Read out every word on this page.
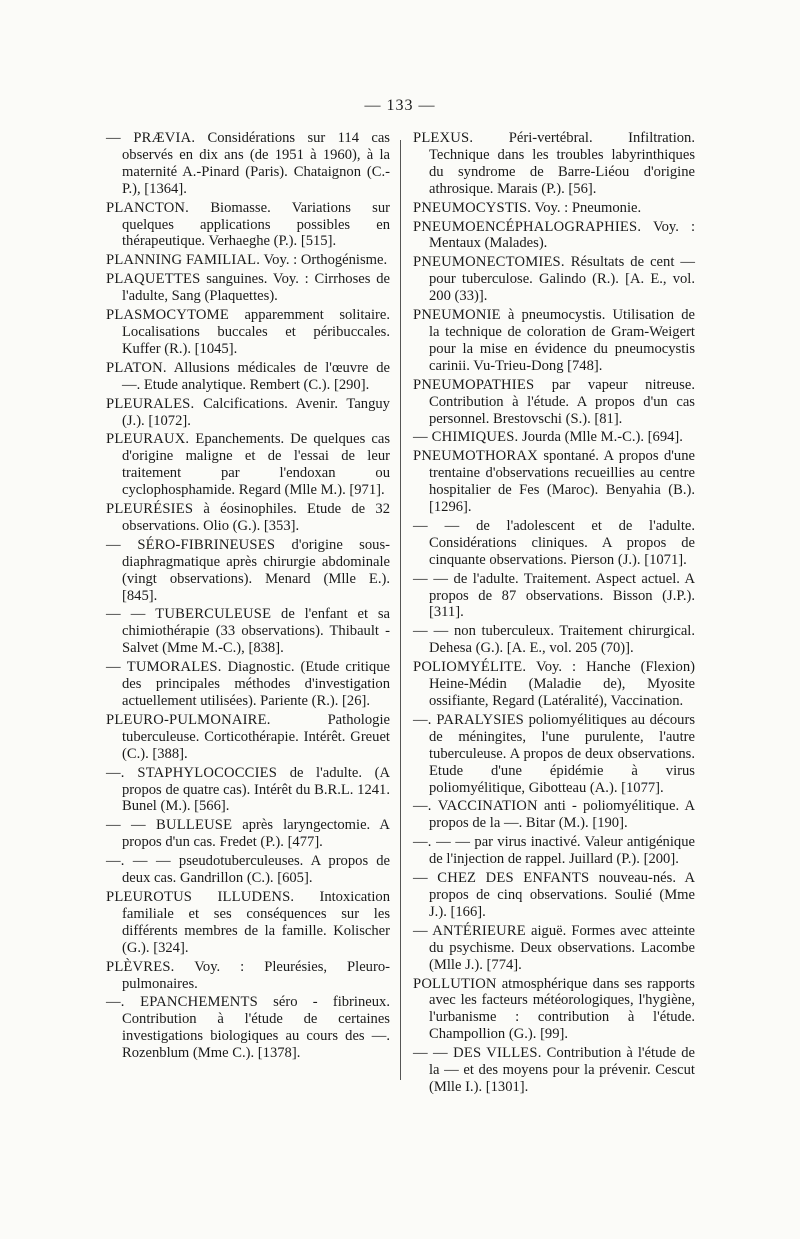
— 133 —
— PRÆVIA. Considérations sur 114 cas observés en dix ans (de 1951 à 1960), à la maternité A.-Pinard (Paris). Chataignon (C.-P.), [1364].
PLANCTON. Biomasse. Variations sur quelques applications possibles en thérapeutique. Verhaeghe (P.). [515].
PLANNING FAMILIAL. Voy. : Orthogénisme.
PLAQUETTES sanguines. Voy. : Cirrhoses de l'adulte, Sang (Plaquettes).
PLASMOCYTOME apparemment solitaire. Localisations buccales et péribuccales. Kuffer (R.). [1045].
PLATON. Allusions médicales de l'œuvre de —. Etude analytique. Rembert (C.). [290].
PLEURALES. Calcifications. Avenir. Tanguy (J.). [1072].
PLEURAUX. Epanchements. De quelques cas d'origine maligne et de l'essai de leur traitement par l'endoxan ou cyclophosphamide. Regard (Mlle M.). [971].
PLEURÉSIES à éosinophiles. Etude de 32 observations. Olio (G.). [353].
— SÉRO-FIBRINEUSES d'origine sous-diaphragmatique après chirurgie abdominale (vingt observations). Menard (Mlle E.). [845].
— — TUBERCULEUSE de l'enfant et sa chimiothérapie (33 observations). Thibault - Salvet (Mme M.-C.), [838].
— TUMORALES. Diagnostic. (Etude critique des principales méthodes d'investigation actuellement utilisées). Pariente (R.). [26].
PLEURO-PULMONAIRE.	Pathologie tuberculeuse. Corticothérapie. Intérêt. Greuet (C.). [388].
—. STAPHYLOCOCCIES de l'adulte. (A propos de quatre cas). Intérêt du B.R.L. 1241. Bunel (M.). [566].
— — BULLEUSE après laryngectomie. A propos d'un cas. Fredet (P.). [477].
—. — — pseudotuberculeuses. A propos de deux cas. Gandrillon (C.). [605].
PLEUROTUS ILLUDENS. Intoxication familiale et ses conséquences sur les différents membres de la famille. Kolischer (G.). [324].
PLÈVRES. Voy. : Pleurésies, Pleuro-pulmonaires.
—. EPANCHEMENTS séro - fibrineux. Contribution à l'étude de certaines investigations biologiques au cours des —. Rozenblum (Mme C.). [1378].
PLEXUS. Péri-vertébral. Infiltration. Technique dans les troubles labyrinthiques du syndrome de Barre-Liéou d'origine athrosique. Marais (P.). [56].
PNEUMOCYSTIS. Voy. : Pneumonie.
PNEUMOENCÉPHALOGRAPHIES. Voy. : Mentaux (Malades).
PNEUMONECTOMIES. Résultats de cent — pour tuberculose. Galindo (R.). [A. E., vol. 200 (33)].
PNEUMONIE à pneumocystis. Utilisation de la technique de coloration de Gram-Weigert pour la mise en évidence du pneumocystis carinii. Vu-Trieu-Dong [748].
PNEUMOPATHIES par vapeur nitreuse. Contribution à l'étude. A propos d'un cas personnel. Brestovschi (S.). [81].
— CHIMIQUES. Jourda (Mlle M.-C.). [694].
PNEUMOTHORAX spontané. A propos d'une trentaine d'observations recueillies au centre hospitalier de Fes (Maroc). Benyahia (B.). [1296].
— — de l'adolescent et de l'adulte. Considérations cliniques. A propos de cinquante observations. Pierson (J.). [1071].
— — de l'adulte. Traitement. Aspect actuel. A propos de 87 observations. Bisson (J.P.). [311].
— — non tuberculeux. Traitement chirurgical. Dehesa (G.). [A. E., vol. 205 (70)].
POLIOMYÉLITE. Voy. : Hanche (Flexion) Heine-Médin (Maladie de), Myosite ossifiante, Regard (Latéralité), Vaccination.
—. PARALYSIES poliomyélitiques au décours de méningites, l'une purulente, l'autre tuberculeuse. A propos de deux observations. Etude d'une épidémie à virus poliomyélitique, Gibotteau (A.). [1077].
—. VACCINATION anti - poliomyélitique. A propos de la —. Bitar (M.). [190].
—. — — par virus inactivé. Valeur antigénique de l'injection de rappel. Juillard (P.). [200].
— CHEZ DES ENFANTS nouveau-nés. A propos de cinq observations. Soulié (Mme J.). [166].
— ANTÉRIEURE aiguë. Formes avec atteinte du psychisme. Deux observations. Lacombe (Mlle J.). [774].
POLLUTION atmosphérique dans ses rapports avec les facteurs météorologiques, l'hygiène, l'urbanisme : contribution à l'étude. Champollion (G.). [99].
— — DES VILLES. Contribution à l'étude de la — et des moyens pour la prévenir. Cescut (Mlle I.). [1301].
